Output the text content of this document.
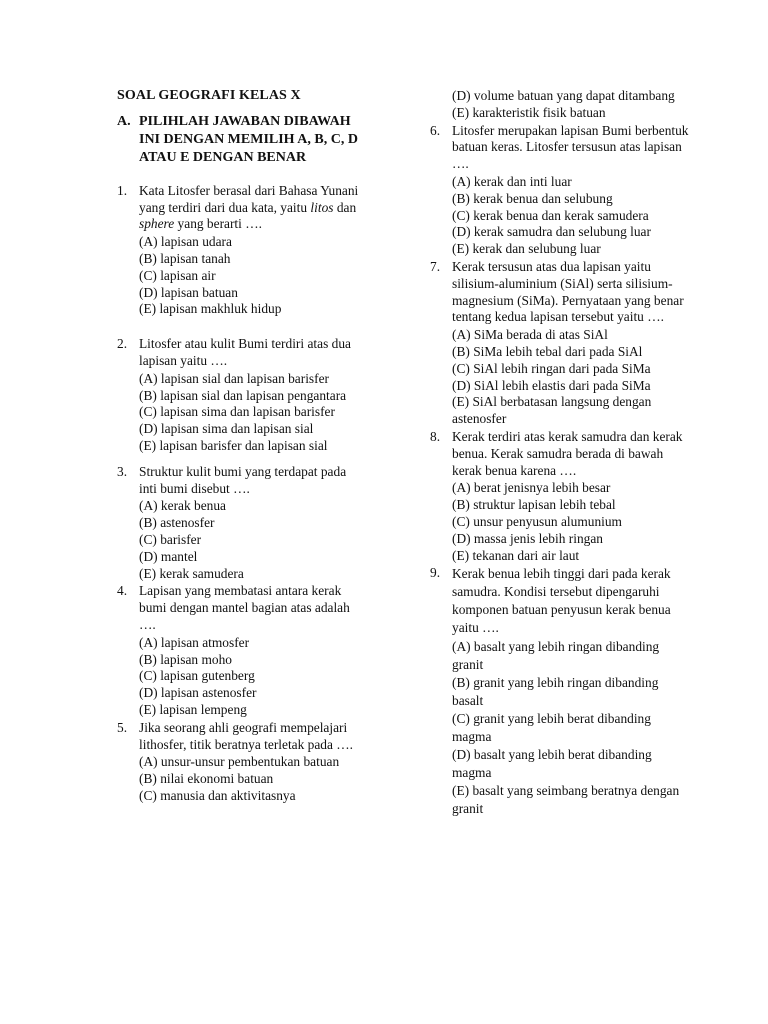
SOAL GEOGRAFI KELAS X
A. PILIHLAH JAWABAN DIBAWAH INI DENGAN MEMILIH A, B, C, D ATAU E DENGAN BENAR
1. Kata Litosfer berasal dari Bahasa Yunani yang terdiri dari dua kata, yaitu litos dan sphere yang berarti ….
(A) lapisan udara
(B) lapisan tanah
(C) lapisan air
(D) lapisan batuan
(E) lapisan makhluk hidup
2. Litosfer atau kulit Bumi terdiri atas dua lapisan yaitu ….
(A) lapisan sial dan lapisan barisfer
(B) lapisan sial dan lapisan pengantara
(C) lapisan sima dan lapisan barisfer
(D) lapisan sima dan lapisan sial
(E) lapisan barisfer dan lapisan sial
3. Struktur kulit bumi yang terdapat pada inti bumi disebut ….
(A) kerak benua
(B) astenosfer
(C) barisfer
(D) mantel
(E) kerak samudera
4. Lapisan yang membatasi antara kerak bumi dengan mantel bagian atas adalah ….
(A) lapisan atmosfer
(B) lapisan moho
(C) lapisan gutenberg
(D) lapisan astenosfer
(E) lapisan lempeng
5. Jika seorang ahli geografi mempelajari lithosfer, titik beratnya terletak pada ….
(A) unsur-unsur pembentukan batuan
(B) nilai ekonomi batuan
(C) manusia dan aktivitasnya
(D) volume batuan yang dapat ditambang
(E) karakteristik fisik batuan
6. Litosfer merupakan lapisan Bumi berbentuk batuan keras. Litosfer tersusun atas lapisan ….
(A) kerak dan inti luar
(B) kerak benua dan selubung
(C) kerak benua dan kerak samudera
(D) kerak samudra dan selubung luar
(E) kerak dan selubung luar
7. Kerak tersusun atas dua lapisan yaitu silisium-aluminium (SiAl) serta silisium-magnesium (SiMa). Pernyataan yang benar tentang kedua lapisan tersebut yaitu ….
(A) SiMa berada di atas SiAl
(B) SiMa lebih tebal dari pada SiAl
(C) SiAl lebih ringan dari pada SiMa
(D) SiAl lebih elastis dari pada SiMa
(E) SiAl berbatasan langsung dengan astenosfer
8. Kerak terdiri atas kerak samudra dan kerak benua. Kerak samudra berada di bawah kerak benua karena ….
(A) berat jenisnya lebih besar
(B) struktur lapisan lebih tebal
(C) unsur penyusun alumunium
(D) massa jenis lebih ringan
(E) tekanan dari air laut
9. Kerak benua lebih tinggi dari pada kerak samudra. Kondisi tersebut dipengaruhi komponen batuan penyusun kerak benua yaitu ….
(A) basalt yang lebih ringan dibanding granit
(B) granit yang lebih ringan dibanding basalt
(C) granit yang lebih berat dibanding magma
(D) basalt yang lebih berat dibanding magma
(E) basalt yang seimbang beratnya dengan granit
